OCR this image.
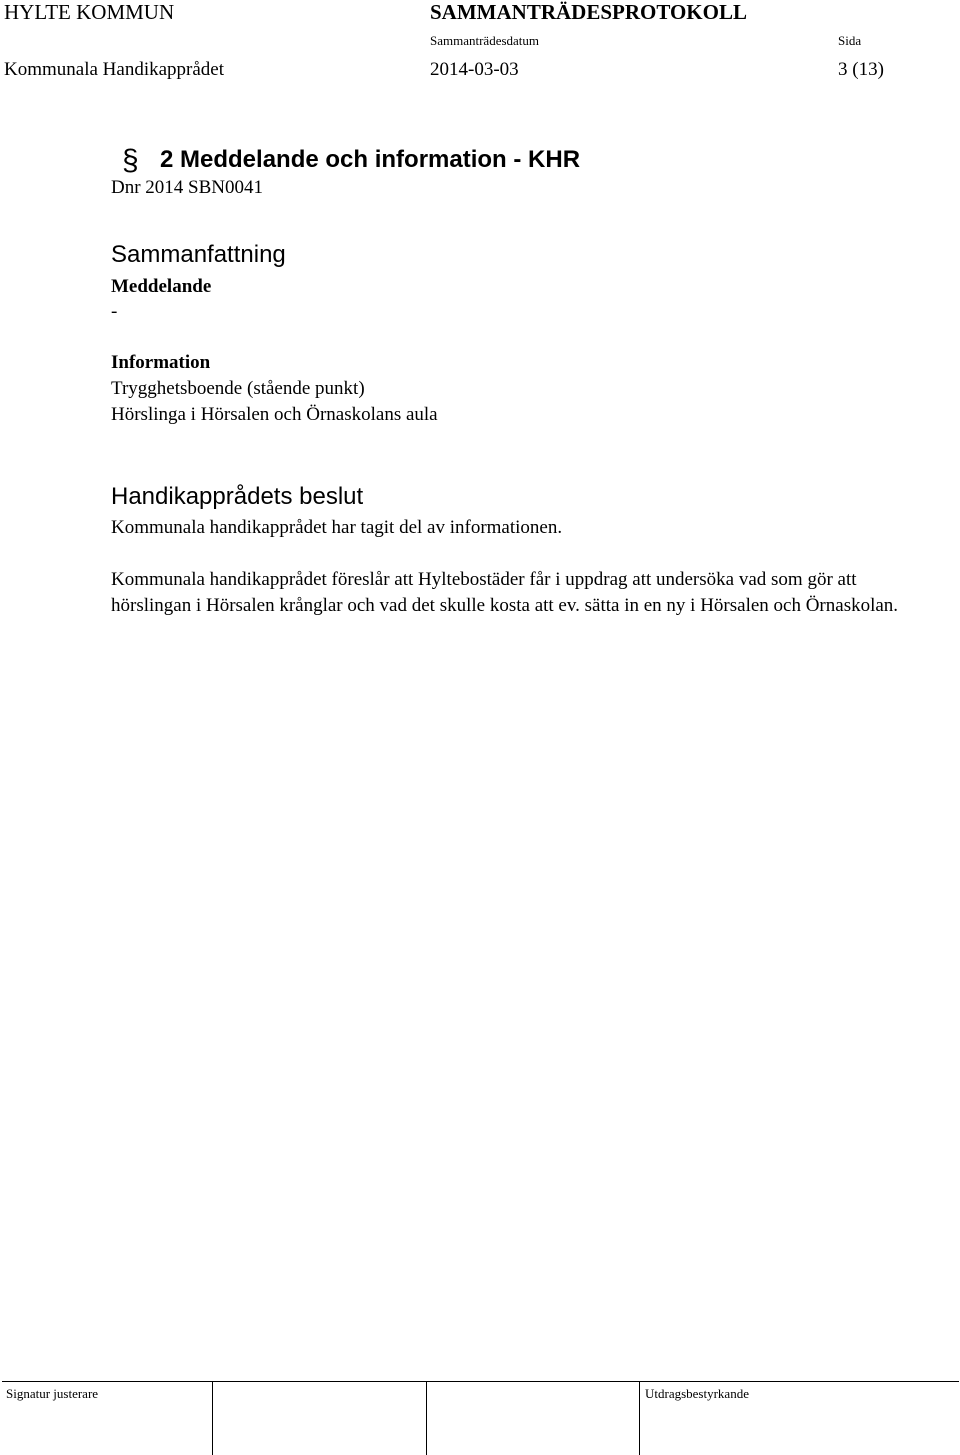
HYLTE KOMMUN	SAMMANTRÄDESPROTOKOLL
Sammanträdesdatum	Sida
Kommunala Handikapprådet	2014-03-03	3 (13)
§ 2 Meddelande och information - KHR
Dnr 2014 SBN0041
Sammanfattning
Meddelande
-
Information
Trygghetsboende (stående punkt)
Hörslinga i Hörsalen och Örnaskolans aula
Handikapprådets beslut
Kommunala handikapprådet har tagit del av informationen.
Kommunala handikapprådet föreslår att Hyltebostäder får i uppdrag att undersöka vad som gör att hörslingan i Hörsalen krånglar och vad det skulle kosta att ev. sätta in en ny i Hörsalen och Örnaskolan.
Signatur justerare	Utdragsbestyrkande
